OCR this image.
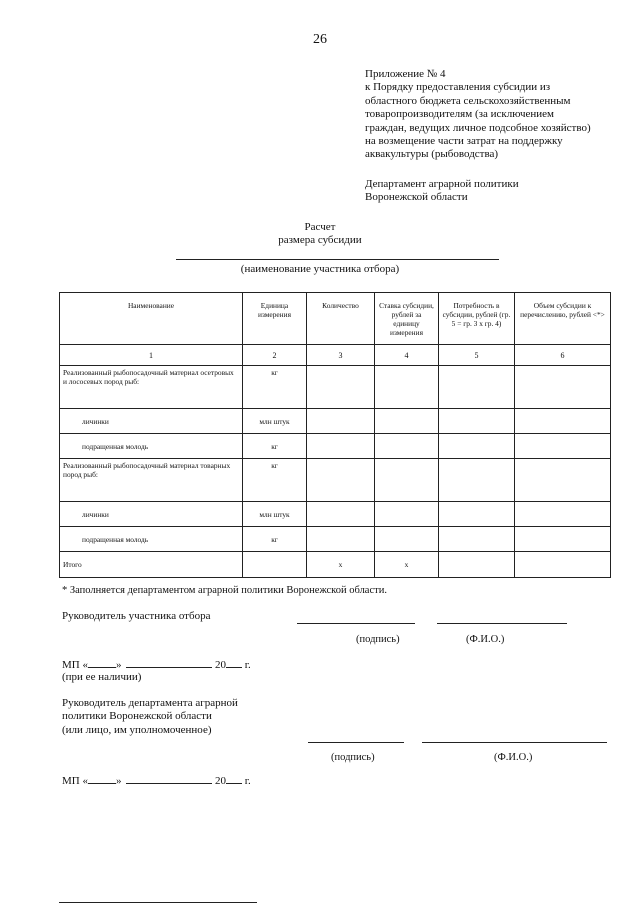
26
Приложение № 4
к Порядку предоставления субсидии из
областного бюджета сельскохозяйственным
товаропроизводителям (за исключением
граждан, ведущих личное подсобное хозяйство)
на возмещение части затрат на поддержку
аквакультуры (рыбоводства)
Департамент аграрной политики
Воронежской области
Расчет
размера субсидии
(наименование участника отбора)
Наименование	Единица измерения	Количество	Ставка субсидии, рублей за единицу измерения	Потребность в субсидии, рублей (гр. 5 = гр. 3 x гр. 4)	Объем субсидии к перечислению, рублей <*>
1	2	3	4	5	6
Реализованный рыбопосадочный материал осетровых и лососевых пород рыб:	кг				
личинки	млн штук				
подращенная молодь	кг				
Реализованный рыбопосадочный материал товарных пород рыб:	кг				
личинки	млн штук				
подращенная молодь	кг				
Итого		х	х		
* Заполняется департаментом аграрной политики Воронежской области.
Руководитель участника отбора
(подпись)	(Ф.И.О.)
МП «	»	20 г.
(при ее наличии)
Руководитель департамента аграрной
политики Воронежской области
(или лицо, им уполномоченное)
(подпись)	(Ф.И.О.)
МП «	»	20 г.
